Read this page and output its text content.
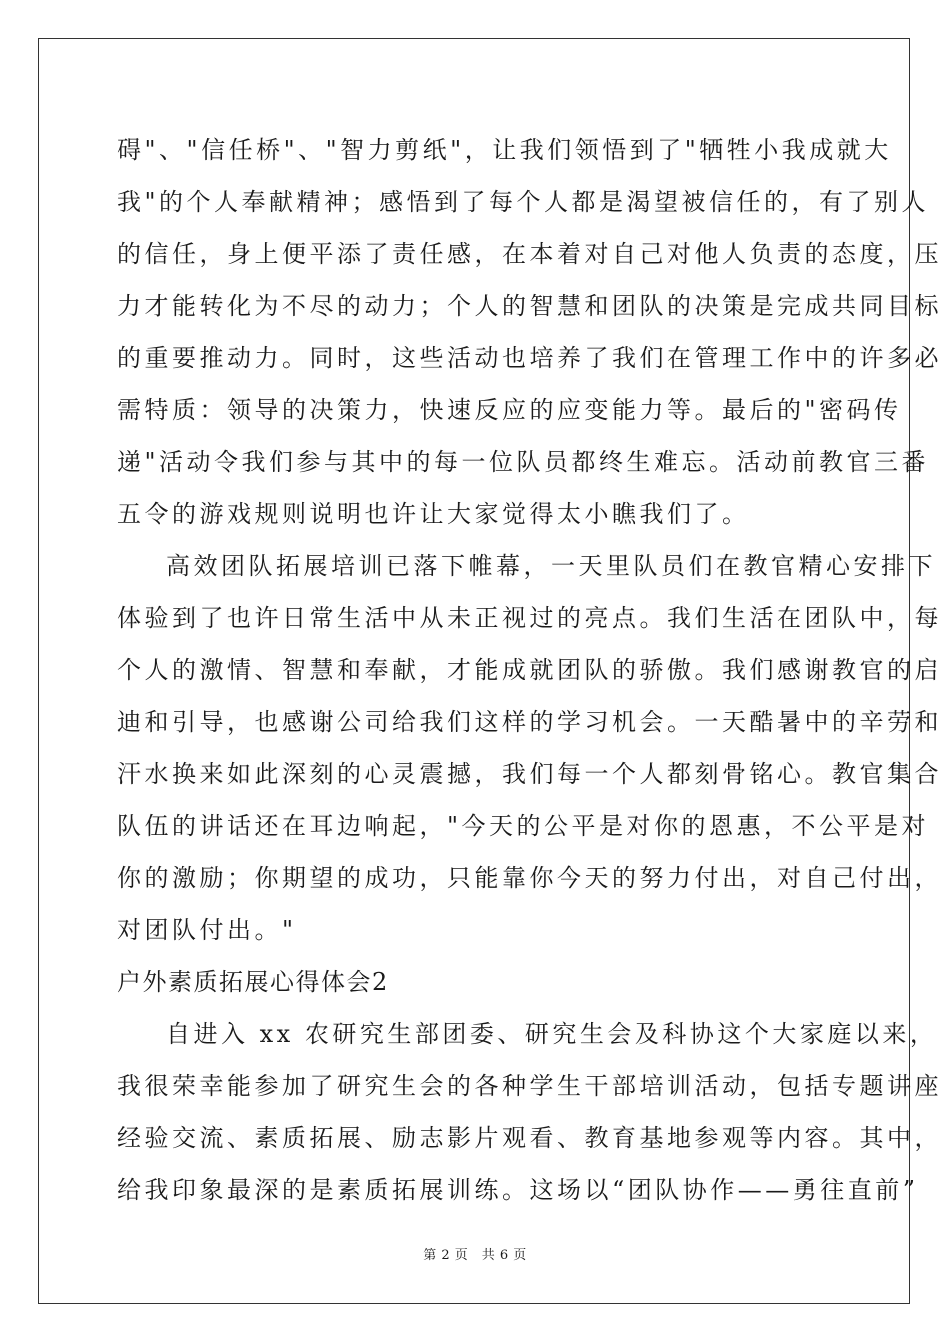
碍"、"信任桥"、"智力剪纸"，让我们领悟到了"牺牲小我成就大
我"的个人奉献精神；感悟到了每个人都是渴望被信任的，有了别人
的信任，身上便平添了责任感，在本着对自己对他人负责的态度，压
力才能转化为不尽的动力；个人的智慧和团队的决策是完成共同目标
的重要推动力。同时，这些活动也培养了我们在管理工作中的许多必
需特质：领导的决策力，快速反应的应变能力等。最后的"密码传
递"活动令我们参与其中的每一位队员都终生难忘。活动前教官三番
五令的游戏规则说明也许让大家觉得太小瞧我们了。
高效团队拓展培训已落下帷幕，一天里队员们在教官精心安排下
体验到了也许日常生活中从未正视过的亮点。我们生活在团队中，每
个人的激情、智慧和奉献，才能成就团队的骄傲。我们感谢教官的启
迪和引导，也感谢公司给我们这样的学习机会。一天酷暑中的辛劳和
汗水换来如此深刻的心灵震撼，我们每一个人都刻骨铭心。教官集合
队伍的讲话还在耳边响起，"今天的公平是对你的恩惠，不公平是对
你的激励；你期望的成功，只能靠你今天的努力付出，对自己付出，
对团队付出。"
户外素质拓展心得体会2
自进入 xx 农研究生部团委、研究生会及科协这个大家庭以来，
我很荣幸能参加了研究生会的各种学生干部培训活动，包括专题讲座
经验交流、素质拓展、励志影片观看、教育基地参观等内容。其中，
给我印象最深的是素质拓展训练。这场以“团队协作——勇往直前”
第 2 页　共 6 页
